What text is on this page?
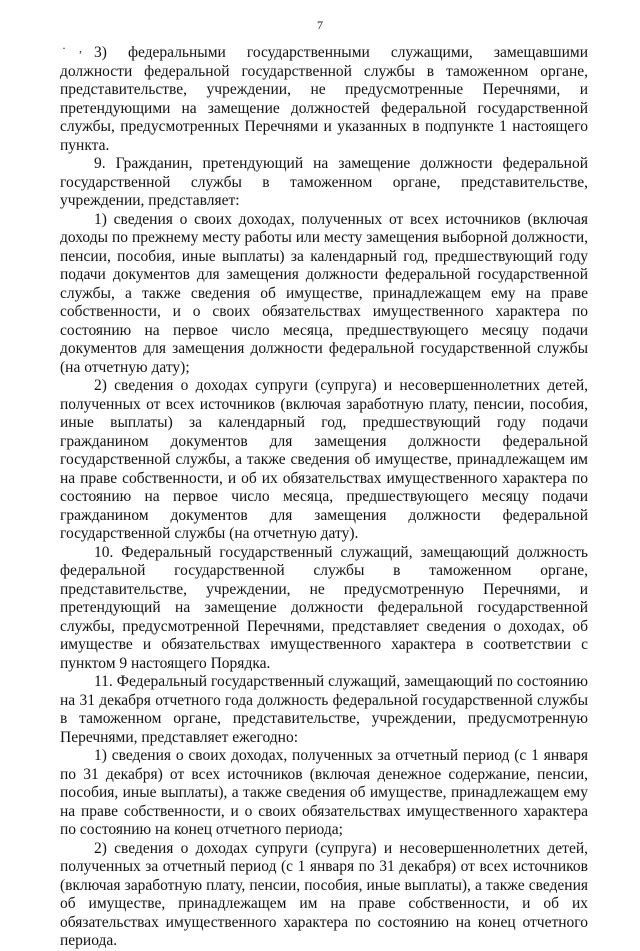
7
· , 3) федеральными государственными служащими, замещавшими должности федеральной государственной службы в таможенном органе, представительстве, учреждении, не предусмотренные Перечнями, и претендующими на замещение должностей федеральной государственной службы, предусмотренных Перечнями и указанных в подпункте 1 настоящего пункта.

9. Гражданин, претендующий на замещение должности федеральной государственной службы в таможенном органе, представительстве, учреждении, представляет:

1) сведения о своих доходах, полученных от всех источников (включая доходы по прежнему месту работы или месту замещения выборной должности, пенсии, пособия, иные выплаты) за календарный год, предшествующий году подачи документов для замещения должности федеральной государственной службы, а также сведения об имуществе, принадлежащем ему на праве собственности, и о своих обязательствах имущественного характера по состоянию на первое число месяца, предшествующего месяцу подачи документов для замещения должности федеральной государственной службы (на отчетную дату);

2) сведения о доходах супруги (супруга) и несовершеннолетних детей, полученных от всех источников (включая заработную плату, пенсии, пособия, иные выплаты) за календарный год, предшествующий году подачи гражданином документов для замещения должности федеральной государственной службы, а также сведения об имуществе, принадлежащем им на праве собственности, и об их обязательствах имущественного характера по состоянию на первое число месяца, предшествующего месяцу подачи гражданином документов для замещения должности федеральной государственной службы (на отчетную дату).

10. Федеральный государственный служащий, замещающий должность федеральной государственной службы в таможенном органе, представительстве, учреждении, не предусмотренную Перечнями, и претендующий на замещение должности федеральной государственной службы, предусмотренной Перечнями, представляет сведения о доходах, об имуществе и обязательствах имущественного характера в соответствии с пунктом 9 настоящего Порядка.

11. Федеральный государственный служащий, замещающий по состоянию на 31 декабря отчетного года должность федеральной государственной службы в таможенном органе, представительстве, учреждении, предусмотренную Перечнями, представляет ежегодно:

1) сведения о своих доходах, полученных за отчетный период (с 1 января по 31 декабря) от всех источников (включая денежное содержание, пенсии, пособия, иные выплаты), а также сведения об имуществе, принадлежащем ему на праве собственности, и о своих обязательствах имущественного характера по состоянию на конец отчетного периода;

2) сведения о доходах супруги (супруга) и несовершеннолетних детей, полученных за отчетный период (с 1 января по 31 декабря) от всех источников (включая заработную плату, пенсии, пособия, иные выплаты), а также сведения об имуществе, принадлежащем им на праве собственности, и об их обязательствах имущественного характера по состоянию на конец отчетного периода.
